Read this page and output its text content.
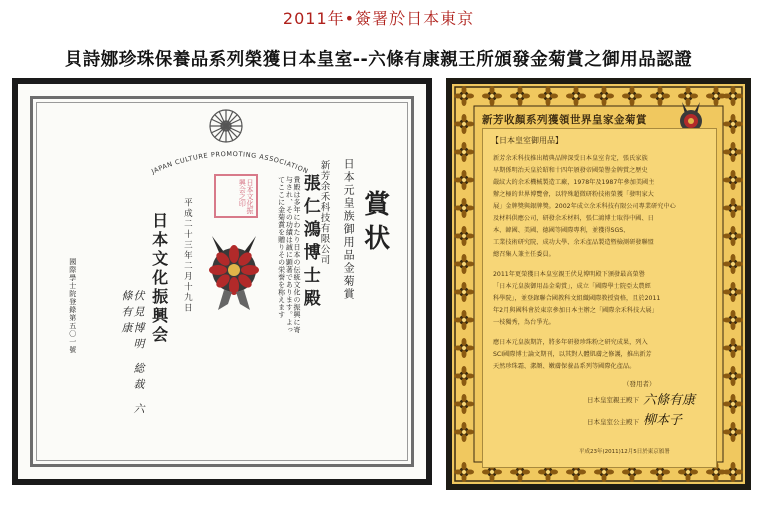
2011年•簽署於日本東京
貝詩娜珍珠保養品系列榮獲日本皇室--六條有康親王所頒發金菊賞之御用品認證
JAPAN CULTURE PROMOTING ASSOCIATION
賞状
日本元皇族御用品金菊賞
新芳余禾科技有限公司
張仁鴻博士殿
貴殿は多年にわたり日本の伝統文化の振興に寄与され、その功績は誠に顕著であります。よってここに金菊賞を贈りその栄誉を称えます
日本文化振興会之印
平成二十三年二月十九日
日本文化振興会
伏見博明 総裁 六條有康
國際學士院登錄第五〇一號
新芳收顏系列獲領世界皇家金菊賞
【日本皇室御用品】
新芳余禾科技推出精典品牌深受日本皇室肯定，張氏家族
早期係明治天皇於昭和十四年頒發帝國榮譽金牌賞之歷史
嚴紋大的余禾機械製造工廠，1978年及1987年參加美國主
辦之極的世界博覽會，以特殊超微研粉技術榮獲「發明家大
展」金牌獎與銀牌獎。2002年成立余禾科技有限公司專業研究中心
及材料供應公司，研發余禾材料，張仁鴻博士取得中國、日
本、韓國、美國、德國等國際專利，並獲得SGS、
工業技術研究院、成功大學、余禾產品製造暨檢測研發聯盟
總召集人兼主任委員。
2011年更榮獲日本皇室親王伏見博明殿下頒發最高榮譽
「日本元皇族御用品金菊賞」，成立「國際學士院亞太農經
科學院」，並登錄聯合國教科文組織國際教授資格，且於2011
年2月與國科會於東京參加日本主辦之「國際余禾科技大展」
一枝獨秀，為台爭光。
應日本元皇族期許，將多年研發珍珠粉之研究成果，列入
SCI國際博士論文期刊，以其對人體肌膚之修護，推出新芳
天然珍珠霜、潔顏、嫩膚保養品系列等國際化產品。
（發用者）
日本皇室親王殿下 六條有康
日本皇室公主殿下 柳本子
平成23年(2011)12月5日於東京頒署
